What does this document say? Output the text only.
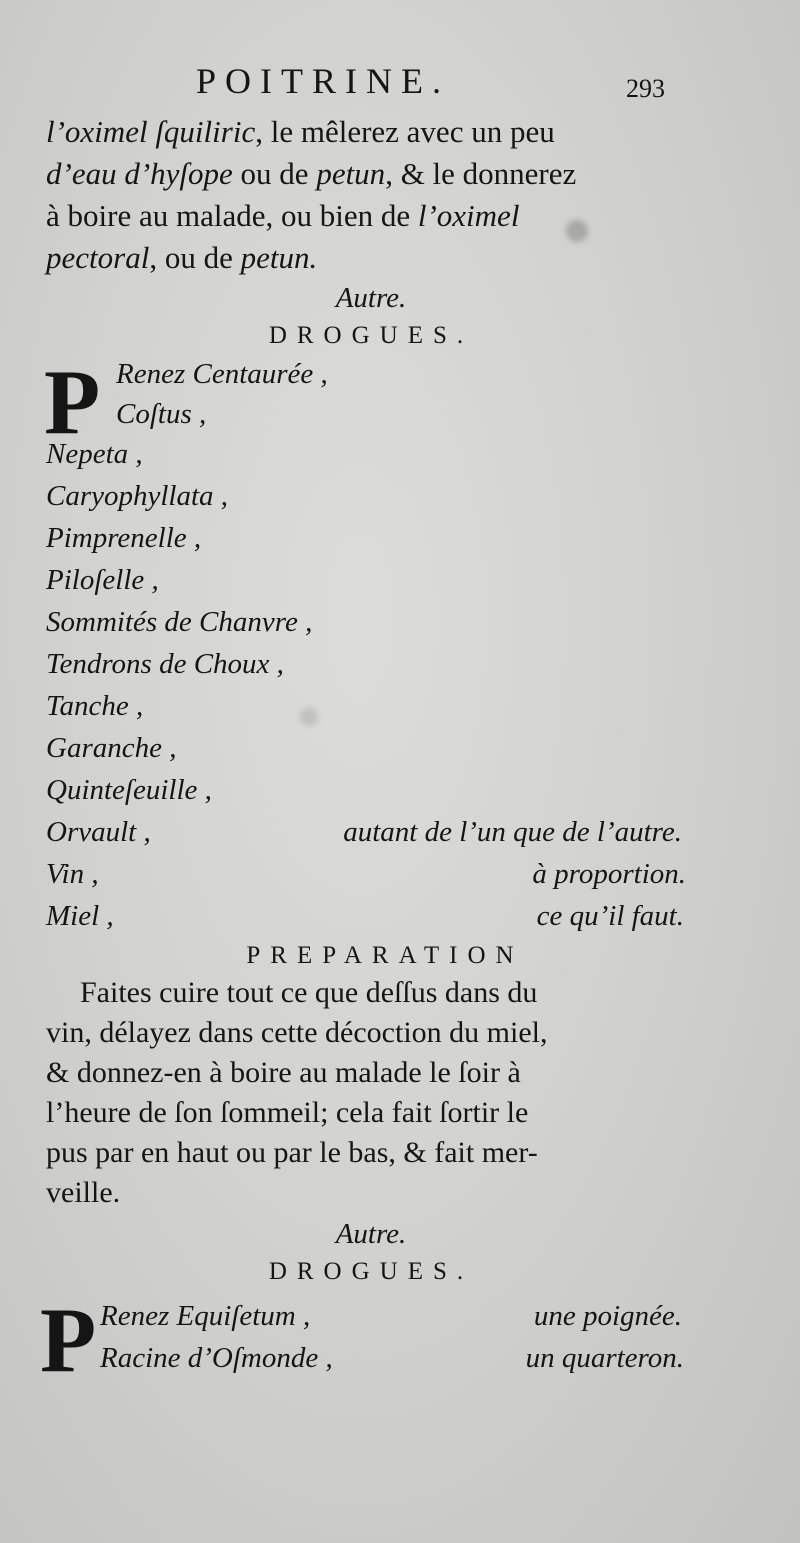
POITRINE.	293
l’oximel ſquiliric, le mêlerez avec un peu
d’eau d’hyſope ou de petun, & le donnerez
à boire au malade, ou bien de l’oximel
pectoral, ou de petun.
Autre.
DROGUES.
P Renez Centaurée ,
Coſtus ,
Nepeta ,
Caryophyllata ,
Pimprenelle ,
Piloſelle ,
Sommités de Chanvre ,
Tendrons de Choux ,
Tanche ,
Garanche ,
Quinteſeuille ,
Orvault ,	autant de l’un que de l’autre.
Vin ,	à proportion.
Miel ,	ce qu’il faut.
PREPARATION
Faites cuire tout ce que deſſus dans du
vin, délayez dans cette décoction du miel,
& donnez-en à boire au malade le ſoir à
l’heure de ſon ſommeil; cela fait ſortir le
pus par en haut ou par le bas, & fait mer-
veille.
Autre.
DROGUES.
P Renez Equiſetum ,	une poignée.
Racine d’Oſmonde ,	un quarteron.
